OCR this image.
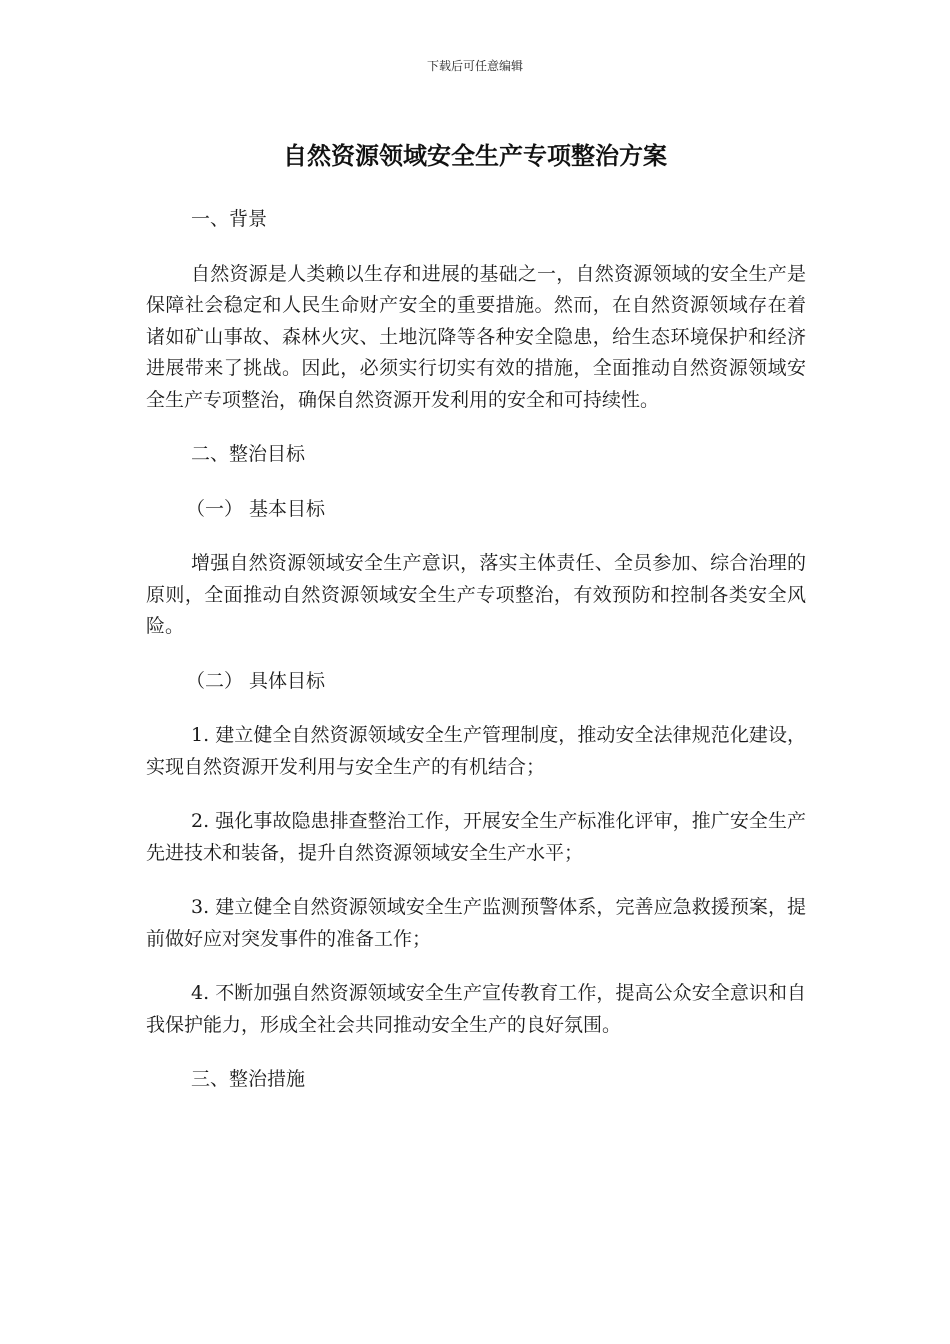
下载后可任意编辑
自然资源领域安全生产专项整治方案

一、背景

自然资源是人类赖以生存和进展的基础之一，自然资源领域的安全生产是保障社会稳定和人民生命财产安全的重要措施。然而，在自然资源领域存在着诸如矿山事故、森林火灾、土地沉降等各种安全隐患，给生态环境保护和经济进展带来了挑战。因此，必须实行切实有效的措施，全面推动自然资源领域安全生产专项整治，确保自然资源开发利用的安全和可持续性。

二、整治目标

（一） 基本目标

增强自然资源领域安全生产意识，落实主体责任、全员参加、综合治理的原则，全面推动自然资源领域安全生产专项整治，有效预防和控制各类安全风险。

（二） 具体目标

1. 建立健全自然资源领域安全生产管理制度，推动安全法律规范化建设，实现自然资源开发利用与安全生产的有机结合；

2. 强化事故隐患排查整治工作，开展安全生产标准化评审，推广安全生产先进技术和装备，提升自然资源领域安全生产水平；

3. 建立健全自然资源领域安全生产监测预警体系，完善应急救援预案，提前做好应对突发事件的准备工作；

4. 不断加强自然资源领域安全生产宣传教育工作，提高公众安全意识和自我保护能力，形成全社会共同推动安全生产的良好氛围。

三、整治措施
